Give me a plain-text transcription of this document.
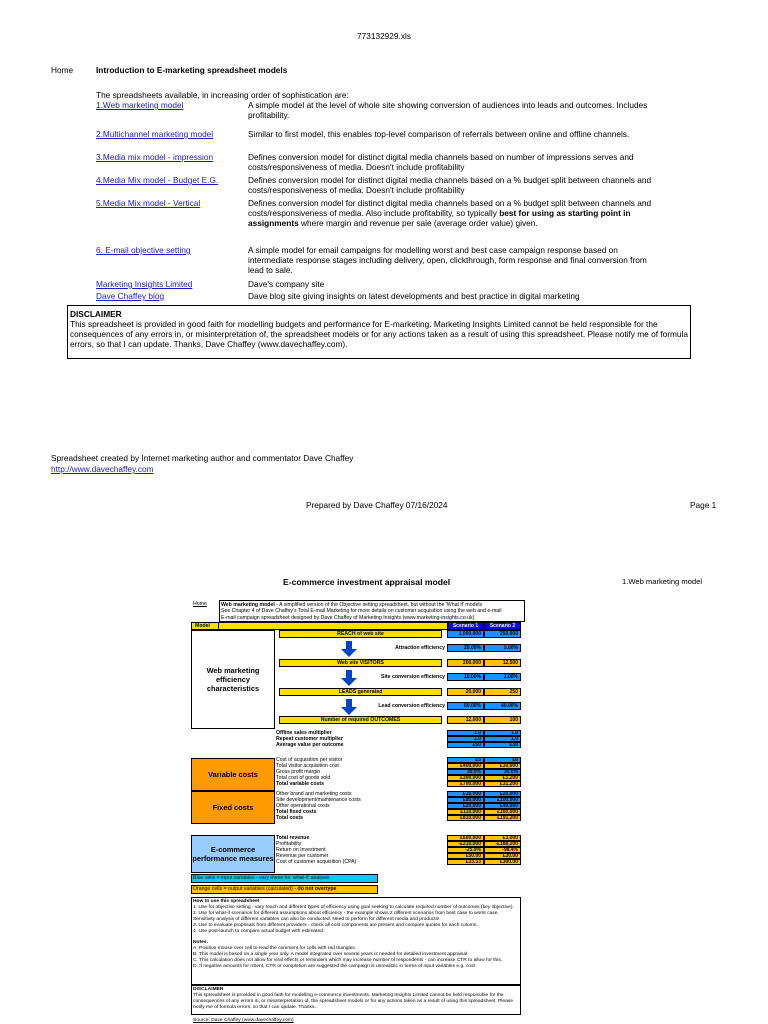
773132929.xls
Home	Introduction to E-marketing spreadsheet models
The spreadsheets available, in increasing order of sophistication are:
1.Web marketing model	A simple model at the level of whole site showing conversion of audiences into leads and outcomes. Includes profitability.
2.Multichannel marketing model	Similar to first model, this enables top-level comparison of referrals between online and offline channels.
3.Media mix model - impression	Defines conversion model for distinct digital media channels based on number of impressions serves and costs/responsiveness of media. Doesn't include profitability
4.Media Mix model - Budget E.G.	Defines conversion model for distinct digital media channels based on a % budget split between channels and costs/responsiveness of media. Doesn't include profitability
5.Media Mix model - Vertical	Defines conversion model for distinct digital media channels based on a % budget split between channels and costs/responsiveness of media. Also include profitability, so typically best for using as starting point in assignments where margin and revenue per sale (average order value) given.
6. E-mail objective setting	A simple model for email campaigns for modelling worst and best case campaign response based on intermediate response stages including delivery, open, clickthrough, form response and final conversion from lead to sale.
Marketing Insights Limited	Dave's company site
Dave Chaffey blog	Dave blog site giving insights on latest developments and best practice in digital marketing
DISCLAIMER
This spreadsheet is provided in good faith for modelling budgets and performance for E-marketing. Marketing Insights Limited cannot be held responsible for the consequences of any errors in, or misinterpretation of, the spreadsheet models or for any actions taken as a result of using this spreadsheet. Please notify me of formula errors, so that I can update. Thanks, Dave Chaffey (www.davechaffey.com).
Spreadsheet created by Internet marketing author and commentator Dave Chaffey
http://www.davechaffey.com
Prepared by Dave Chaffey 07/16/2024	Page 1
E-commerce investment appraisal model	1.Web marketing model
Home	Web marketing model - A simplified version of the Objective setting spreadsheet, but without the 'What if' models
See Chapter 4 of Dave Chaffey's Total E-mail Marketing for more details on customer acquisition using the web and e-mail
E-mail campaign spreadsheet designed by Dave Chaffey of Marketing Insights (www.marketing-insights.co.uk)
Model	Scenario 1	Scenario 2
Web marketing efficiency characteristics
REACH of web site	1,000,000	250,000
Attraction efficiency	20.00%	5.00%
Web site VISITORS	200,000	12,500
Site conversion efficiency	10.00%	2.00%
LEADS generated	20,000	250
Lead conversion efficiency	60.00%	40.00%
Number of required OUTCOMES	12,000	100
Offline sales multiplier	1.0	1.0
Repeat customer multiplier	1.0	1.0
Average value per outcome	£50	£30
Variable costs
Cost of acquisition per visitor	£5	£6
Total visitor acquisition cost	£400,000	£30,000
Gross profit margin	30.0%	30.0%
Total cost of goods sold	£300,000	£1,200
Total variable costs	£700,000	£31,200
Fixed costs
Other brand and marketing costs	£10,000	£20,000
Site development/maintenance costs	£80,000	£100,000
Other operational costs	£20,000	£40,000
Total fixed costs	£110,000	£160,000
Total costs	£810,000	£191,200
E-commerce performance measures
Total revenue	£600,000	£3,000
Profitability	-£210,000	-£188,200
Return on Investment	-25.9%	-98.4%
Revenue per customer	£50.00	£30.00
Cost of customer acquisition (CPA)	£33.33	£300.00
Blue cells = input variables - vary these for 'what-if' analysis
Orange cells = output variables (calculated) - do not overtype
How to use this spreadsheet
1. Use for objective setting - vary reach and different types of efficiency using goal seeking to calculate required number of outcomes (key objective).
2. Use for what-if scenarios for different assumptions about efficiency - the example shows 2 different scenarios from best case to worst case. Sensitivity analysis of different variables can also be conducted. Need to perform for different media and products!
3. Use to evaluate proposals from different providers - check all cost components are present and compare quotes for each column.
4. Use post-launch to compare actual budget with estimated.
Notes.
A. Position mouse over cell to read the comment for cells with red triangles.
B. This model is based on a single year only. A model integrated over several years is needed for detailed investment appraisal.
C. This calculation does not allow for viral effects or reminders which may increase number of respondents - can increase CTR to allow for this.
D. If negative amounts for nSent, CTR or completion are suggested the campaign is unrealistic in terms of input variables e.g. cost
DISCLAIMER
This spreadsheet is provided in good faith for modelling e-commerce investments. Marketing Insights Limited cannot be held responsible for the consequences of any errors in, or misinterpretation of, the spreadsheet models or for any actions taken as a result of using this spreadsheet. Please notify me of formula errors, so that I can update. Thanks.
Source: Dave Chaffey (www.davechaffey.com)
